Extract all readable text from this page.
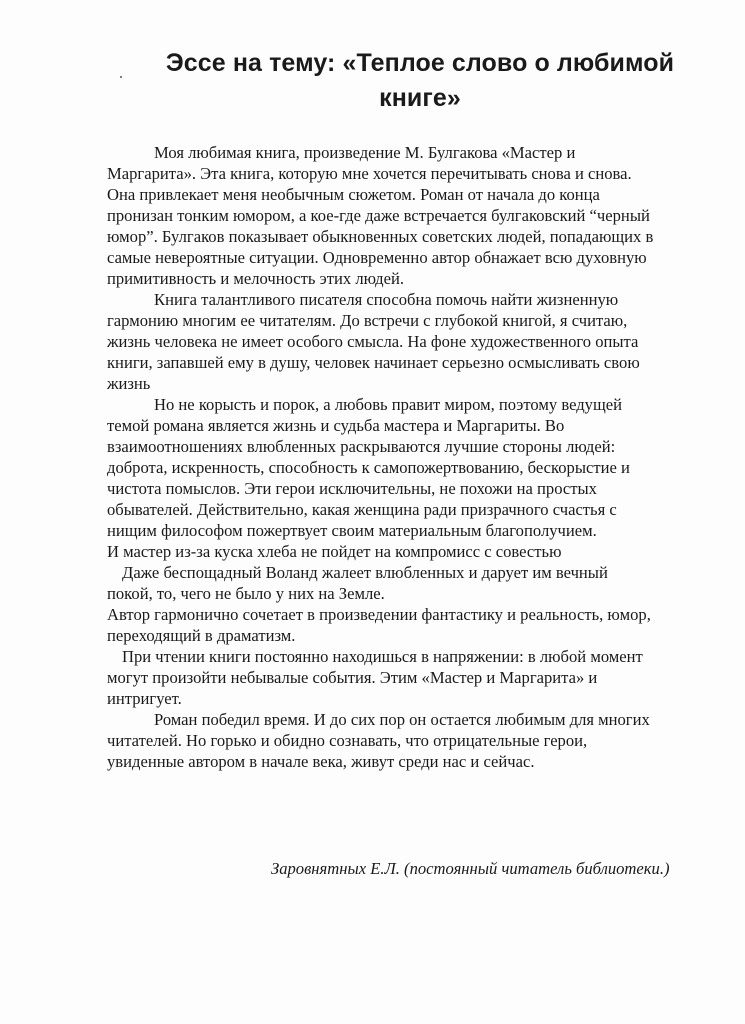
Эссе на тему: «Теплое слово о любимой
книге»
Моя любимая книга, произведение М. Булгакова «Мастер и
Маргарита». Эта книга, которую мне хочется перечитывать снова и снова.
Она привлекает меня необычным сюжетом. Роман от начала до конца
пронизан тонким юмором, а кое-где даже встречается булгаковский “черный
юмор”. Булгаков показывает обыкновенных советских людей, попадающих в
самые невероятные ситуации. Одновременно автор обнажает всю духовную
примитивность и мелочность этих людей.
Книга талантливого писателя способна помочь найти жизненную
гармонию многим ее читателям. До встречи с глубокой книгой, я считаю,
жизнь человека не имеет особого смысла. На фоне художественного опыта
книги, запавшей ему в душу, человек начинает серьезно осмысливать свою
жизнь
Но не корысть и порок, а любовь правит миром, поэтому ведущей
темой романа является жизнь и судьба мастера и Маргариты. Во
взаимоотношениях влюбленных раскрываются лучшие стороны людей:
доброта, искренность, способность к самопожертвованию, бескорыстие и
чистота помыслов. Эти герои исключительны, не похожи на простых
обывателей. Действительно, какая женщина ради призрачного счастья с
нищим философом пожертвует своим материальным благополучием.
И мастер из-за куска хлеба не пойдет на компромисс с совестью
Даже беспощадный Воланд жалеет влюбленных и дарует им вечный
покой, то, чего не было у них на Земле.
Автор гармонично сочетает в произведении фантастику и реальность, юмор,
переходящий в драматизм.
При чтении книги постоянно находишься в напряжении: в любой момент
могут произойти небывалые события. Этим «Мастер и Маргарита» и
интригует.
Роман победил время. И до сих пор он остается любимым для многих
читателей. Но горько и обидно сознавать, что отрицательные герои,
увиденные автором в начале века, живут среди нас и сейчас.
Заровнятных Е.Л. (постоянный читатель библиотеки.)
